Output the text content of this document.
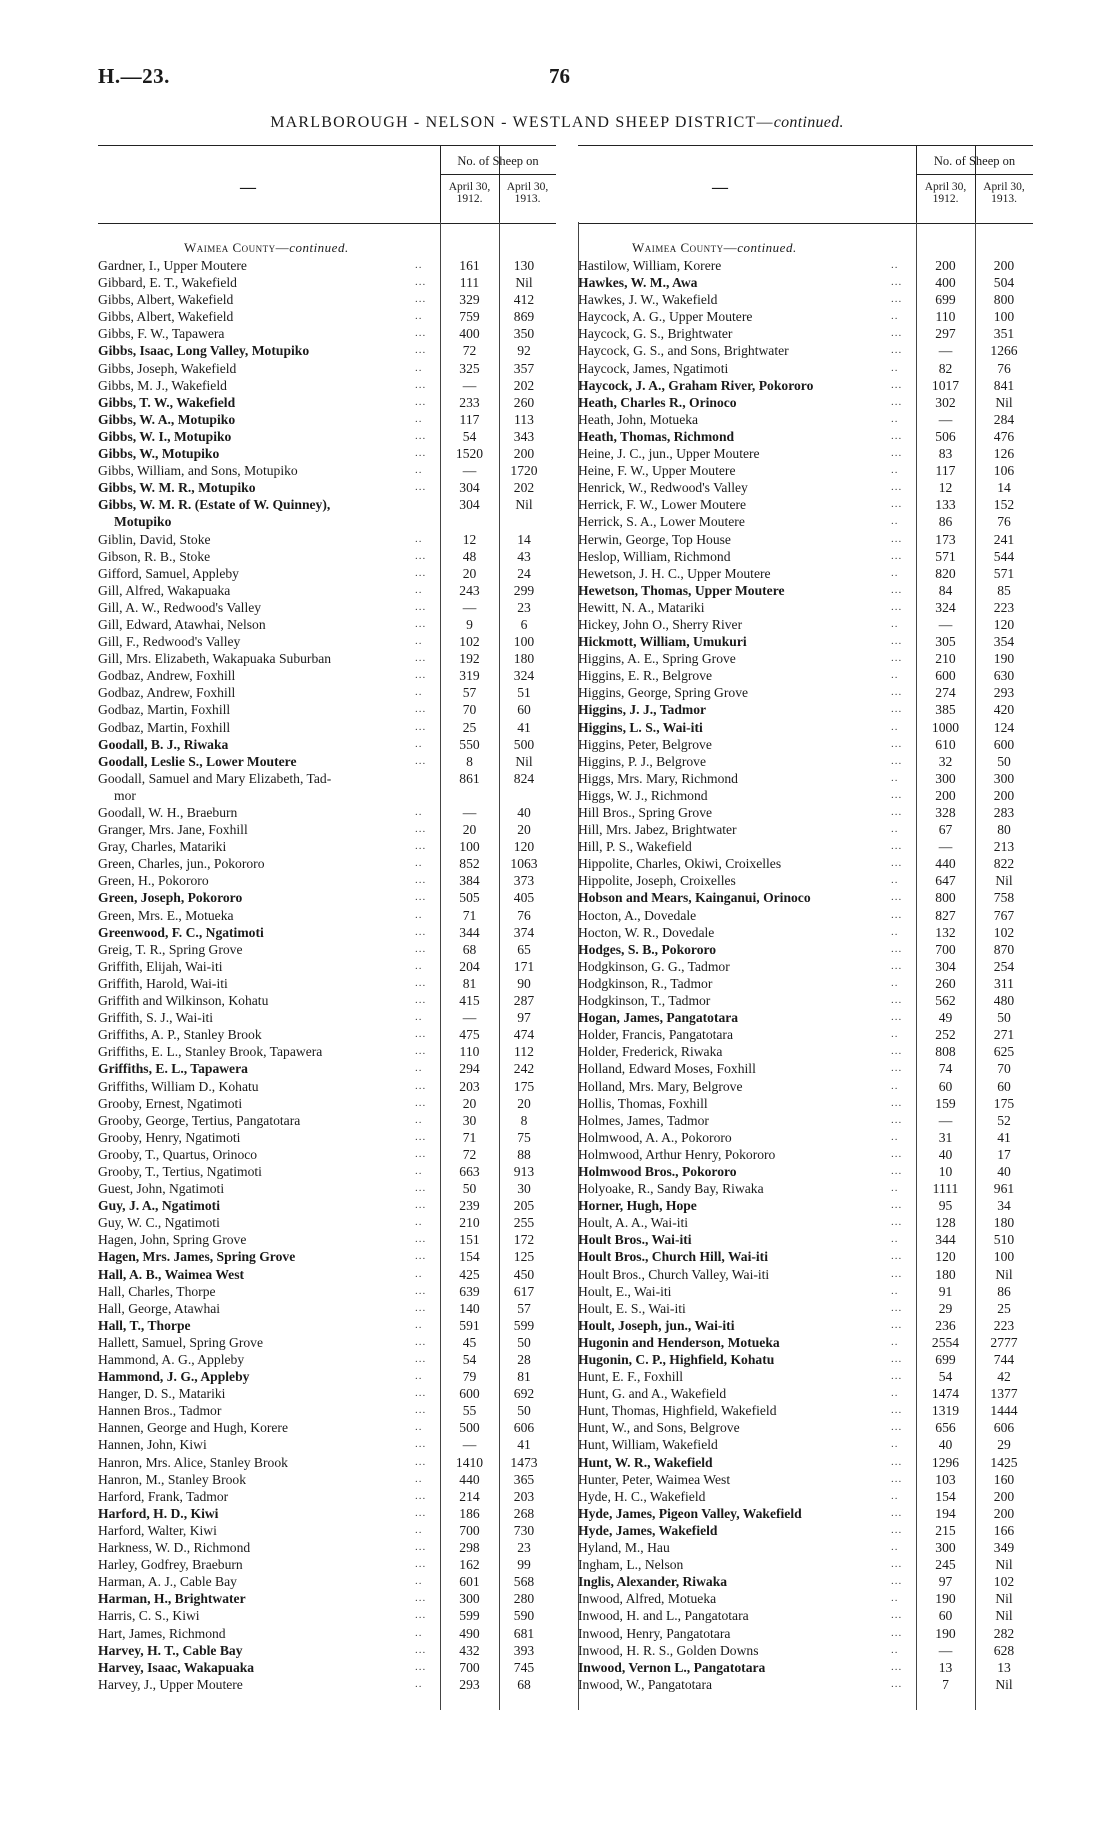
H.—23.	76
MARLBOROUGH - NELSON - WESTLAND SHEEP DISTRICT—continued.
—
No. of Sheep on
April 30, 1912.
April 30, 1913.
Waimea County—continued.
Gardner, I., Upper Moutere	..	161	130
Gibbard, E. T., Wakefield	...	111	Nil
Gibbs, Albert, Wakefield	...	329	412
Gibbs, Albert, Wakefield	..	759	869
Gibbs, F. W., Tapawera	...	400	350
Gibbs, Isaac, Long Valley, Motupiko	...	72	92
Gibbs, Joseph, Wakefield	..	325	357
Gibbs, M. J., Wakefield	...	—	202
Gibbs, T. W., Wakefield	...	233	260
Gibbs, W. A., Motupiko	..	117	113
Gibbs, W. I., Motupiko	...	54	343
Gibbs, W., Motupiko	...	1520	200
Gibbs, William, and Sons, Motupiko	..	—	1720
Gibbs, W. M. R., Motupiko	...	304	202
Gibbs, W. M. R. (Estate of W. Quinney),
Motupiko
304	Nil
Giblin, David, Stoke	..	12	14
Gibson, R. B., Stoke	...	48	43
Gifford, Samuel, Appleby	...	20	24
Gill, Alfred, Wakapuaka	..	243	299
Gill, A. W., Redwood's Valley	...	—	23
Gill, Edward, Atawhai, Nelson	...	9	6
Gill, F., Redwood's Valley	..	102	100
Gill, Mrs. Elizabeth, Wakapuaka Suburban	...	192	180
Godbaz, Andrew, Foxhill	...	319	324
Godbaz, Andrew, Foxhill	..	57	51
Godbaz, Martin, Foxhill	...	70	60
Godbaz, Martin, Foxhill	...	25	41
Goodall, B. J., Riwaka	..	550	500
Goodall, Leslie S., Lower Moutere	...	8	Nil
Goodall, Samuel and Mary Elizabeth, Tad-
mor
861	824
Goodall, W. H., Braeburn	..	—	40
Granger, Mrs. Jane, Foxhill	...	20	20
Gray, Charles, Matariki	...	100	120
Green, Charles, jun., Pokororo	..	852	1063
Green, H., Pokororo	...	384	373
Green, Joseph, Pokororo	...	505	405
Green, Mrs. E., Motueka	..	71	76
Greenwood, F. C., Ngatimoti	...	344	374
Greig, T. R., Spring Grove	...	68	65
Griffith, Elijah, Wai-iti	..	204	171
Griffith, Harold, Wai-iti	...	81	90
Griffith and Wilkinson, Kohatu	...	415	287
Griffith, S. J., Wai-iti	..	—	97
Griffiths, A. P., Stanley Brook	...	475	474
Griffiths, E. L., Stanley Brook, Tapawera	...	110	112
Griffiths, E. L., Tapawera	..	294	242
Griffiths, William D., Kohatu	...	203	175
Grooby, Ernest, Ngatimoti	...	20	20
Grooby, George, Tertius, Pangatotara	..	30	8
Grooby, Henry, Ngatimoti	...	71	75
Grooby, T., Quartus, Orinoco	...	72	88
Grooby, T., Tertius, Ngatimoti	..	663	913
Guest, John, Ngatimoti	...	50	30
Guy, J. A., Ngatimoti	...	239	205
Guy, W. C., Ngatimoti	..	210	255
Hagen, John, Spring Grove	...	151	172
Hagen, Mrs. James, Spring Grove	...	154	125
Hall, A. B., Waimea West	..	425	450
Hall, Charles, Thorpe	...	639	617
Hall, George, Atawhai	...	140	57
Hall, T., Thorpe	..	591	599
Hallett, Samuel, Spring Grove	...	45	50
Hammond, A. G., Appleby	...	54	28
Hammond, J. G., Appleby	..	79	81
Hanger, D. S., Matariki	...	600	692
Hannen Bros., Tadmor	...	55	50
Hannen, George and Hugh, Korere	..	500	606
Hannen, John, Kiwi	...	—	41
Hanron, Mrs. Alice, Stanley Brook	...	1410	1473
Hanron, M., Stanley Brook	..	440	365
Harford, Frank, Tadmor	...	214	203
Harford, H. D., Kiwi	...	186	268
Harford, Walter, Kiwi	..	700	730
Harkness, W. D., Richmond	...	298	23
Harley, Godfrey, Braeburn	...	162	99
Harman, A. J., Cable Bay	..	601	568
Harman, H., Brightwater	...	300	280
Harris, C. S., Kiwi	...	599	590
Hart, James, Richmond	..	490	681
Harvey, H. T., Cable Bay	...	432	393
Harvey, Isaac, Wakapuaka	...	700	745
Harvey, J., Upper Moutere	..	293	68
—
No. of Sheep on
April 30, 1912.
April 30, 1913.
Waimea County—continued.
Hastilow, William, Korere	..	200	200
Hawkes, W. M., Awa	...	400	504
Hawkes, J. W., Wakefield	...	699	800
Haycock, A. G., Upper Moutere	..	110	100
Haycock, G. S., Brightwater	...	297	351
Haycock, G. S., and Sons, Brightwater	...	—	1266
Haycock, James, Ngatimoti	..	82	76
Haycock, J. A., Graham River, Pokororo	...	1017	841
Heath, Charles R., Orinoco	...	302	Nil
Heath, John, Motueka	..	—	284
Heath, Thomas, Richmond	...	506	476
Heine, J. C., jun., Upper Moutere	...	83	126
Heine, F. W., Upper Moutere	..	117	106
Henrick, W., Redwood's Valley	...	12	14
Herrick, F. W., Lower Moutere	...	133	152
Herrick, S. A., Lower Moutere	..	86	76
Herwin, George, Top House	...	173	241
Heslop, William, Richmond	...	571	544
Hewetson, J. H. C., Upper Moutere	..	820	571
Hewetson, Thomas, Upper Moutere	...	84	85
Hewitt, N. A., Matariki	...	324	223
Hickey, John O., Sherry River	..	—	120
Hickmott, William, Umukuri	...	305	354
Higgins, A. E., Spring Grove	...	210	190
Higgins, E. R., Belgrove	..	600	630
Higgins, George, Spring Grove	...	274	293
Higgins, J. J., Tadmor	...	385	420
Higgins, L. S., Wai-iti	..	1000	124
Higgins, Peter, Belgrove	...	610	600
Higgins, P. J., Belgrove	...	32	50
Higgs, Mrs. Mary, Richmond	..	300	300
Higgs, W. J., Richmond	...	200	200
Hill Bros., Spring Grove	...	328	283
Hill, Mrs. Jabez, Brightwater	..	67	80
Hill, P. S., Wakefield	...	—	213
Hippolite, Charles, Okiwi, Croixelles	...	440	822
Hippolite, Joseph, Croixelles	..	647	Nil
Hobson and Mears, Kainganui, Orinoco	...	800	758
Hocton, A., Dovedale	...	827	767
Hocton, W. R., Dovedale	..	132	102
Hodges, S. B., Pokororo	...	700	870
Hodgkinson, G. G., Tadmor	...	304	254
Hodgkinson, R., Tadmor	..	260	311
Hodgkinson, T., Tadmor	...	562	480
Hogan, James, Pangatotara	...	49	50
Holder, Francis, Pangatotara	..	252	271
Holder, Frederick, Riwaka	...	808	625
Holland, Edward Moses, Foxhill	...	74	70
Holland, Mrs. Mary, Belgrove	..	60	60
Hollis, Thomas, Foxhill	...	159	175
Holmes, James, Tadmor	...	—	52
Holmwood, A. A., Pokororo	..	31	41
Holmwood, Arthur Henry, Pokororo	...	40	17
Holmwood Bros., Pokororo	...	10	40
Holyoake, R., Sandy Bay, Riwaka	..	1111	961
Horner, Hugh, Hope	...	95	34
Hoult, A. A., Wai-iti	...	128	180
Hoult Bros., Wai-iti	..	344	510
Hoult Bros., Church Hill, Wai-iti	...	120	100
Hoult Bros., Church Valley, Wai-iti	...	180	Nil
Hoult, E., Wai-iti	..	91	86
Hoult, E. S., Wai-iti	...	29	25
Hoult, Joseph, jun., Wai-iti	...	236	223
Hugonin and Henderson, Motueka	..	2554	2777
Hugonin, C. P., Highfield, Kohatu	...	699	744
Hunt, E. F., Foxhill	...	54	42
Hunt, G. and A., Wakefield	..	1474	1377
Hunt, Thomas, Highfield, Wakefield	...	1319	1444
Hunt, W., and Sons, Belgrove	...	656	606
Hunt, William, Wakefield	..	40	29
Hunt, W. R., Wakefield	...	1296	1425
Hunter, Peter, Waimea West	...	103	160
Hyde, H. C., Wakefield	..	154	200
Hyde, James, Pigeon Valley, Wakefield	...	194	200
Hyde, James, Wakefield	...	215	166
Hyland, M., Hau	..	300	349
Ingham, L., Nelson	...	245	Nil
Inglis, Alexander, Riwaka	...	97	102
Inwood, Alfred, Motueka	..	190	Nil
Inwood, H. and L., Pangatotara	...	60	Nil
Inwood, Henry, Pangatotara	...	190	282
Inwood, H. R. S., Golden Downs	..	—	628
Inwood, Vernon L., Pangatotara	...	13	13
Inwood, W., Pangatotara	...	7	Nil
